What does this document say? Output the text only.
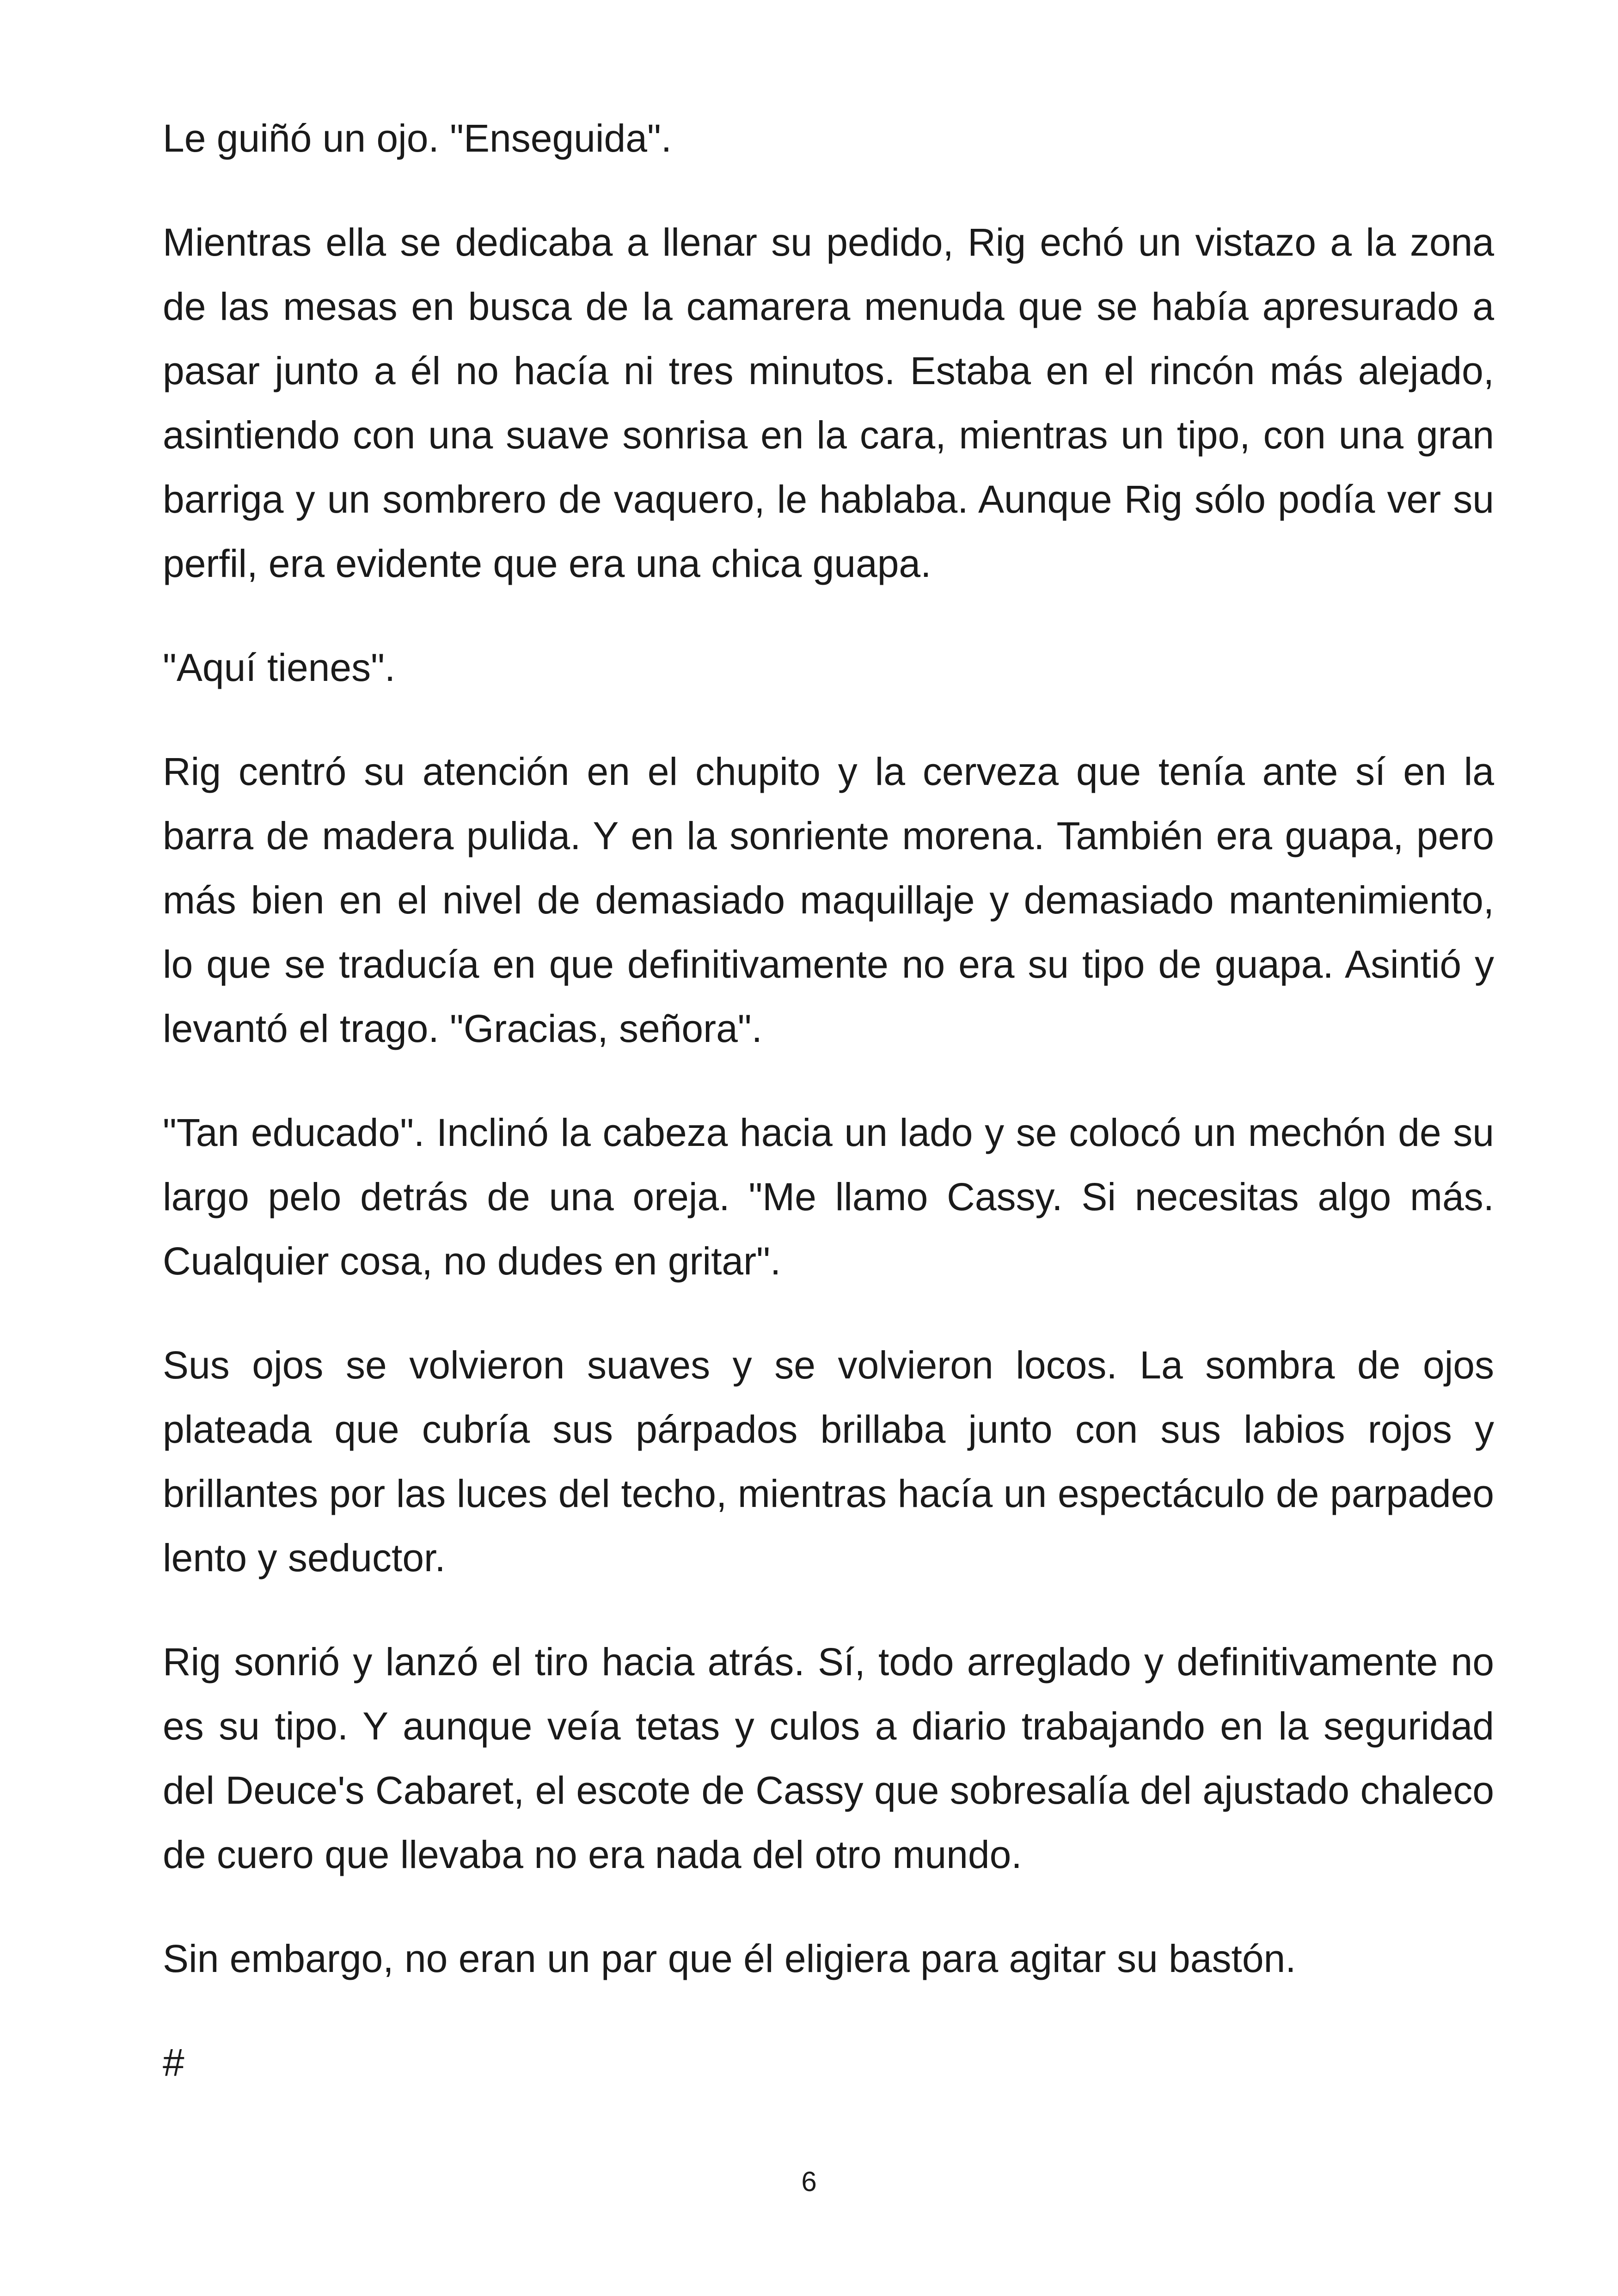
Le guiñó un ojo. "Enseguida".

Mientras ella se dedicaba a llenar su pedido, Rig echó un vistazo a la zona de las mesas en busca de la camarera menuda que se había apresurado a pasar junto a él no hacía ni tres minutos. Estaba en el rincón más alejado, asintiendo con una suave sonrisa en la cara, mientras un tipo, con una gran barriga y un sombrero de vaquero, le hablaba. Aunque Rig sólo podía ver su perfil, era evidente que era una chica guapa.

"Aquí tienes".

Rig centró su atención en el chupito y la cerveza que tenía ante sí en la barra de madera pulida. Y en la sonriente morena. También era guapa, pero más bien en el nivel de demasiado maquillaje y demasiado mantenimiento, lo que se traducía en que definitivamente no era su tipo de guapa. Asintió y levantó el trago. "Gracias, señora".

"Tan educado". Inclinó la cabeza hacia un lado y se colocó un mechón de su largo pelo detrás de una oreja. "Me llamo Cassy. Si necesitas algo más. Cualquier cosa, no dudes en gritar".

Sus ojos se volvieron suaves y se volvieron locos. La sombra de ojos plateada que cubría sus párpados brillaba junto con sus labios rojos y brillantes por las luces del techo, mientras hacía un espectáculo de parpadeo lento y seductor.

Rig sonrió y lanzó el tiro hacia atrás. Sí, todo arreglado y definitivamente no es su tipo. Y aunque veía tetas y culos a diario trabajando en la seguridad del Deuce's Cabaret, el escote de Cassy que sobresalía del ajustado chaleco de cuero que llevaba no era nada del otro mundo.

Sin embargo, no eran un par que él eligiera para agitar su bastón.

#

6
